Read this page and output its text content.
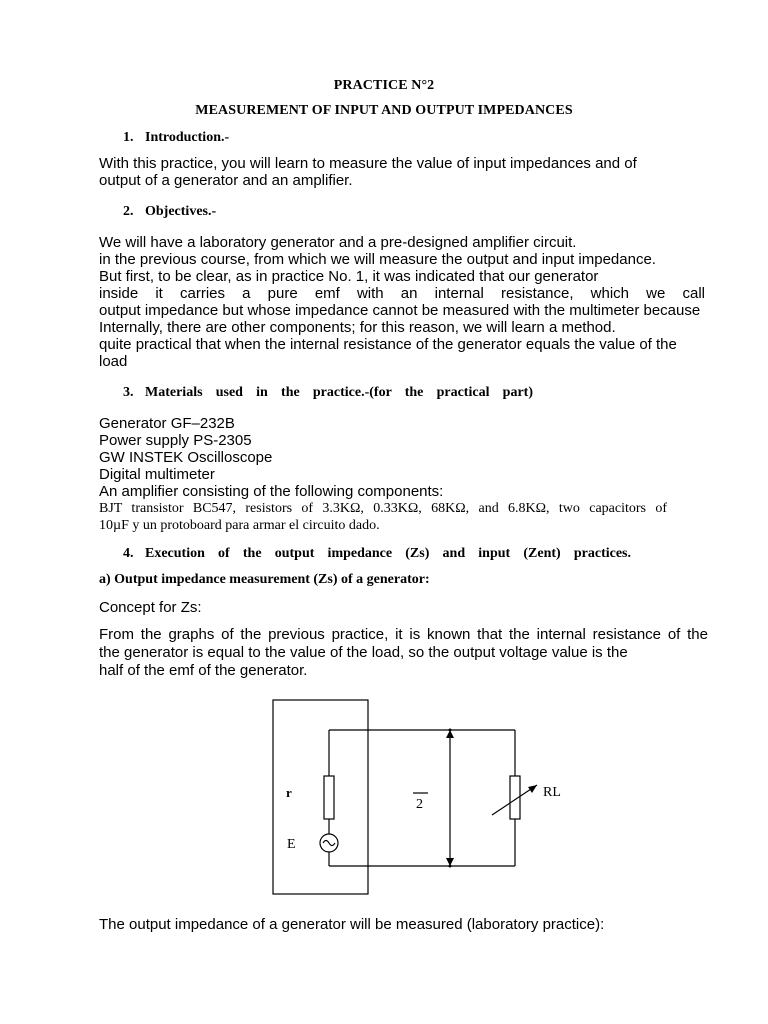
PRACTICE N°2
MEASUREMENT OF INPUT AND OUTPUT IMPEDANCES
1. Introduction.-
With this practice, you will learn to measure the value of input impedances and of
output of a generator and an amplifier.
2. Objectives.-
We will have a laboratory generator and a pre-designed amplifier circuit.
in the previous course, from which we will measure the output and input impedance.
But first, to be clear, as in practice No. 1, it was indicated that our generator
inside it carries a pure emf with an internal resistance, which we call
output impedance but whose impedance cannot be measured with the multimeter because
Internally, there are other components; for this reason, we will learn a method.
quite practical that when the internal resistance of the generator equals the value of the
load
3. Materials used in the practice.-(for the practical part)
Generator GF–232B
Power supply PS-2305
GW INSTEK Oscilloscope
Digital multimeter
An amplifier consisting of the following components:
BJT transistor BC547, resistors of 3.3KΩ, 0.33KΩ, 68KΩ, and 6.8KΩ, two capacitors of
10µF y un protoboard para armar el circuito dado.
4. Execution of the output impedance (Zs) and input (Zent) practices.
a) Output impedance measurement (Zs) of a generator:
Concept for Zs:
From the graphs of the previous practice, it is known that the internal resistance of the
the generator is equal to the value of the load, so the output voltage value is the
half of the emf of the generator.
r
E
2
RL
The output impedance of a generator will be measured (laboratory practice):
